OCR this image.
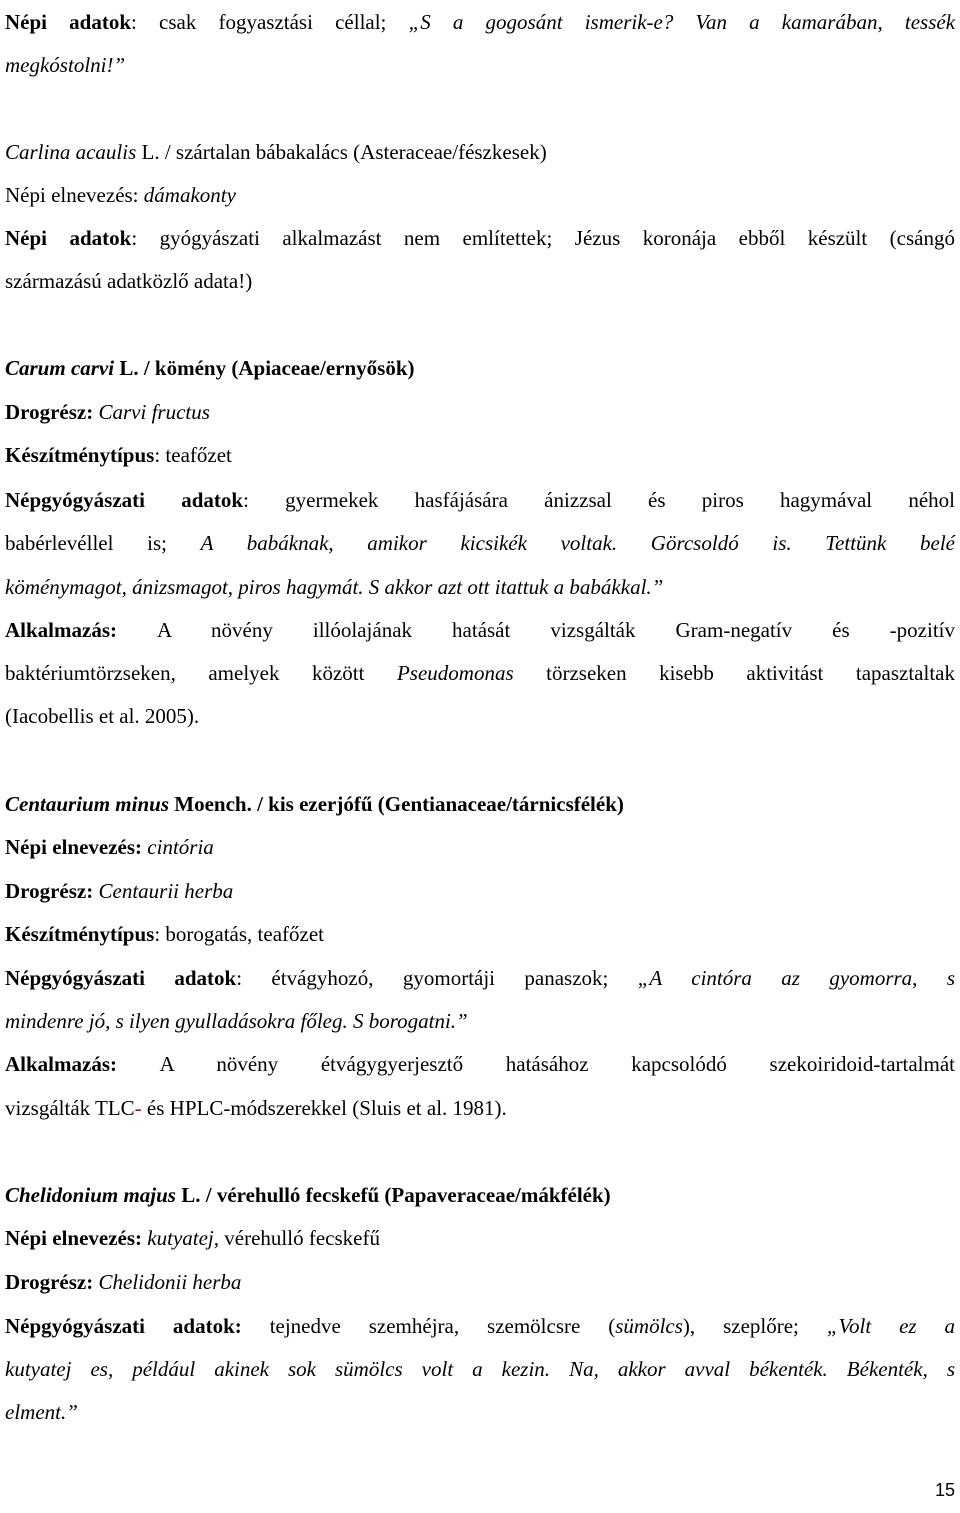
Népi adatok: csak fogyasztási céllal; „S a gogosánt ismerik-e? Van a kamarában, tessék
megkóstolni!”
Carlina acaulis L. / szártalan bábakalács (Asteraceae/fészkesek)
Népi elnevezés: dámakonty
Népi adatok: gyógyászati alkalmazást nem említettek; Jézus koronája ebből készült (csángó
származású adatközlő adata!)
Carum carvi L. / kömény (Apiaceae/ernyősök)
Drogrész: Carvi fructus
Készítménytípus: teafőzet
Népgyógyászati adatok: gyermekek hasfájására ánizzsal és piros hagymával néhol
babérlevéllel is; A babáknak, amikor kicsikék voltak. Görcsoldó is. Tettünk belé
köménymagot, ánizsmagot, piros hagymát. S akkor azt ott itattuk a babákkal.”
Alkalmazás: A növény illóolajának hatását vizsgálták Gram-negatív és -pozitív
baktériumtörzseken, amelyek között Pseudomonas törzseken kisebb aktivitást tapasztaltak
(Iacobellis et al. 2005).
Centaurium minus Moench. / kis ezerjófű (Gentianaceae/tárnicsfélék)
Népi elnevezés: cintória
Drogrész: Centaurii herba
Készítménytípus: borogatás, teafőzet
Népgyógyászati adatok: étvágyhozó, gyomortáji panaszok; „A cintóra az gyomorra, s
mindenre jó, s ilyen gyulladásokra főleg. S borogatni.”
Alkalmazás: A növény étvágygyerjesztő hatásához kapcsolódó szekoiridoid-tartalmát
vizsgálták TLC- és HPLC-módszerekkel (Sluis et al. 1981).
Chelidonium majus L. / vérehulló fecskefű (Papaveraceae/mákfélék)
Népi elnevezés: kutyatej, vérehulló fecskefű
Drogrész: Chelidonii herba
Népgyógyászati adatok: tejnedve szemhéjra, szemölcsre (sümölcs), szeplőre; „Volt ez a
kutyatej es, például akinek sok sümölcs volt a kezin. Na, akkor avval békenték. Békenték, s
elment.”
15
